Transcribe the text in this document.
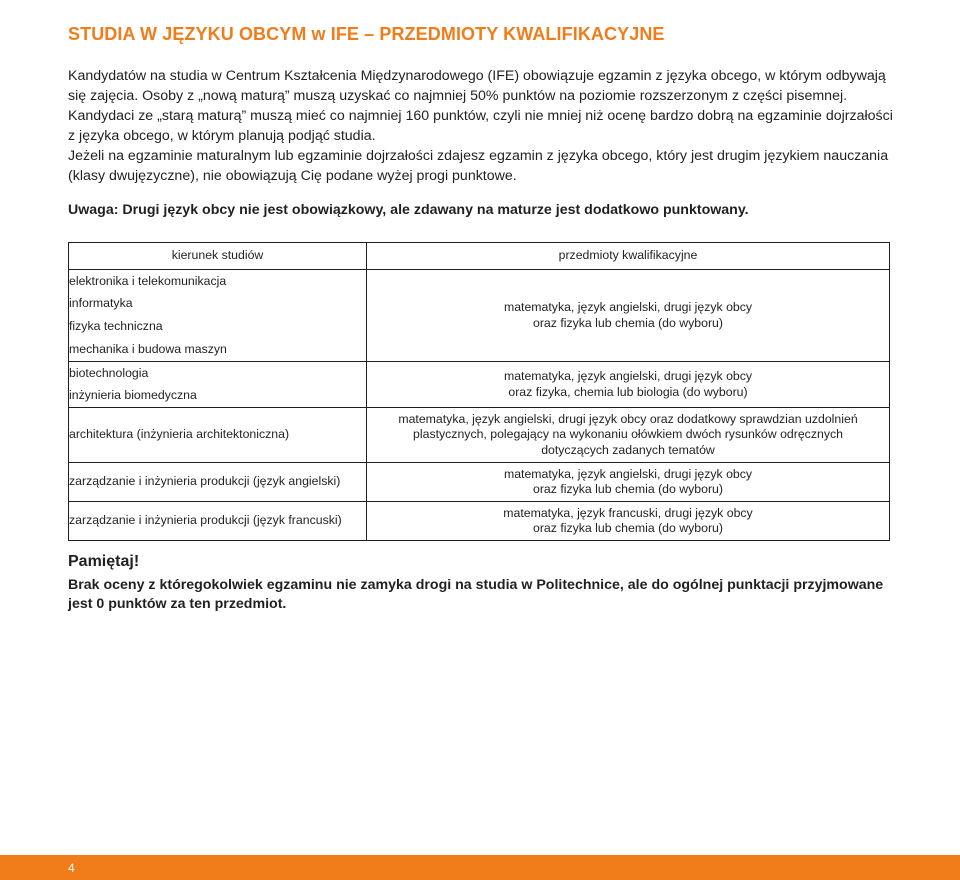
STUDIA W JĘZYKU OBCYM w IFE – PRZEDMIOTY KWALIFIKACYJNE

Kandydatów na studia w Centrum Kształcenia Międzynarodowego (IFE) obowiązuje egzamin z języka obcego, w którym odbywają się zajęcia. Osoby z „nową maturą” muszą uzyskać co najmniej 50% punktów na poziomie rozszerzonym z części pisemnej. Kandydaci ze „starą maturą” muszą mieć co najmniej 160 punktów, czyli nie mniej niż ocenę bardzo dobrą na egzaminie dojrzałości z języka obcego, w którym planują podjąć studia.

Jeżeli na egzaminie maturalnym lub egzaminie dojrzałości zdajesz egzamin z języka obcego, który jest drugim językiem nauczania (klasy dwujęzyczne), nie obowiązują Cię podane wyżej progi punktowe.

Uwaga: Drugi język obcy nie jest obowiązkowy, ale zdawany na maturze jest dodatkowo punktowany.

kierunek studiów	przedmioty kwalifikacyjne
elektronika i telekomunikacja	matematyka, język angielski, drugi język obcy
oraz fizyka lub chemia (do wyboru)

informatyka	
fizyka techniczna	
mechanika i budowa maszyn	
biotechnologia	matematyka, język angielski, drugi język obcy
oraz fizyka, chemia lub biologia (do wyboru)

inżynieria biomedyczna	
architektura (inżynieria architektoniczna)	matematyka, język angielski, drugi język obcy oraz dodatkowy sprawdzian uzdolnień
plastycznych, polegający na wykonaniu ołówkiem dwóch rysunków odręcznych
dotyczących zadanych tematów

zarządzanie i inżynieria produkcji (język angielski)	matematyka, język angielski, drugi język obcy
oraz fizyka lub chemia (do wyboru)

zarządzanie i inżynieria produkcji (język francuski)	matematyka, język francuski, drugi język obcy
oraz fizyka lub chemia (do wyboru)
Pamiętaj!

Brak oceny z któregokolwiek egzaminu nie zamyka drogi na studia w Politechnice, ale do ogólnej punktacji przyjmowane jest 0 punktów za ten przedmiot.

4
